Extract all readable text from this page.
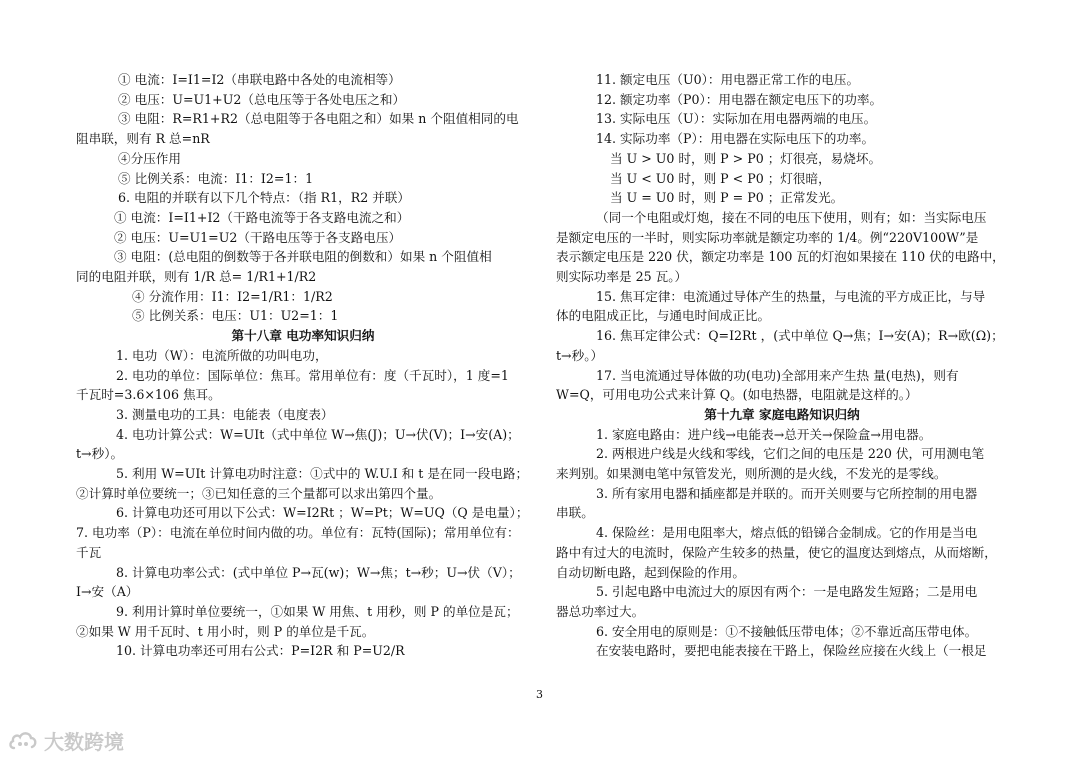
① 电流：I=I1=I2（串联电路中各处的电流相等）
② 电压：U=U1+U2（总电压等于各处电压之和）
③ 电阻：R=R1+R2（总电阻等于各电阻之和）如果 n 个阻值相同的电
阻串联，则有 R 总=nR
④分压作用
⑤ 比例关系：电流：I1：I2=1：1
6. 电阻的并联有以下几个特点：（指 R1，R2 并联）
① 电流：I=I1+I2（干路电流等于各支路电流之和）
② 电压：U=U1=U2（干路电压等于各支路电压）
③ 电阻：(总电阻的倒数等于各并联电阻的倒数和）如果 n 个阻值相
同的电阻并联，则有 1/R 总= 1/R1+1/R2
④ 分流作用：I1：I2=1/R1：1/R2
⑤ 比例关系：电压：U1：U2=1：1
第十八章 电功率知识归纳
1. 电功（W）：电流所做的功叫电功，
2. 电功的单位：国际单位：焦耳。常用单位有：度（千瓦时），1 度=1
千瓦时=3.6×106 焦耳。
3. 测量电功的工具：电能表（电度表）
4. 电功计算公式：W=UIt（式中单位 W→焦(J)；U→伏(V)；I→安(A)；
t→秒）。
5. 利用 W=UIt 计算电功时注意：①式中的 W.U.I 和 t 是在同一段电路；
②计算时单位要统一；③已知任意的三个量都可以求出第四个量。
6. 计算电功还可用以下公式：W=I2Rt ；W=Pt；W=UQ（Q 是电量）；
7. 电功率（P）：电流在单位时间内做的功。单位有：瓦特(国际)；常用单位有：
千瓦
8. 计算电功率公式：(式中单位 P→瓦(w)；W→焦；t→秒；U→伏（V）；
I→安（A）
9. 利用计算时单位要统一，①如果 W 用焦、t 用秒，则 P 的单位是瓦；
②如果 W 用千瓦时、t 用小时，则 P 的单位是千瓦。
10. 计算电功率还可用右公式：P=I2R 和 P=U2/R
11. 额定电压（U0）：用电器正常工作的电压。
12. 额定功率（P0）：用电器在额定电压下的功率。
13. 实际电压（U）：实际加在用电器两端的电压。
14. 实际功率（P）：用电器在实际电压下的功率。
当 U > U0 时，则 P > P0 ；灯很亮，易烧坏。
当 U < U0 时，则 P < P0 ；灯很暗，
当 U = U0 时，则 P = P0 ；正常发光。
（同一个电阻或灯炮，接在不同的电压下使用，则有；如：当实际电压
是额定电压的一半时，则实际功率就是额定功率的 1/4。例“220V100W”是
表示额定电压是 220 伏，额定功率是 100 瓦的灯泡如果接在 110 伏的电路中，
则实际功率是 25 瓦。）
15. 焦耳定律：电流通过导体产生的热量，与电流的平方成正比，与导
体的电阻成正比，与通电时间成正比。
16. 焦耳定律公式：Q=I2Rt ，(式中单位 Q→焦；I→安(A)；R→欧(Ω)；
t→秒。）
17. 当电流通过导体做的功(电功)全部用来产生热 量(电热)，则有
W=Q，可用电功公式来计算 Q。(如电热器，电阻就是这样的。）
第十九章 家庭电路知识归纳
1. 家庭电路由：进户线→电能表→总开关→保险盒→用电器。
2. 两根进户线是火线和零线，它们之间的电压是 220 伏，可用测电笔
来判别。如果测电笔中氖管发光，则所测的是火线，不发光的是零线。
3. 所有家用电器和插座都是并联的。而开关则要与它所控制的用电器
串联。
4. 保险丝：是用电阻率大，熔点低的铅锑合金制成。它的作用是当电
路中有过大的电流时，保险产生较多的热量，使它的温度达到熔点，从而熔断，
自动切断电路，起到保险的作用。
5. 引起电路中电流过大的原因有两个：一是电路发生短路；二是用电
器总功率过大。
6. 安全用电的原则是：①不接触低压带电体；②不靠近高压带电体。
在安装电路时，要把电能表接在干路上，保险丝应接在火线上（一根足
3
大数跨境
